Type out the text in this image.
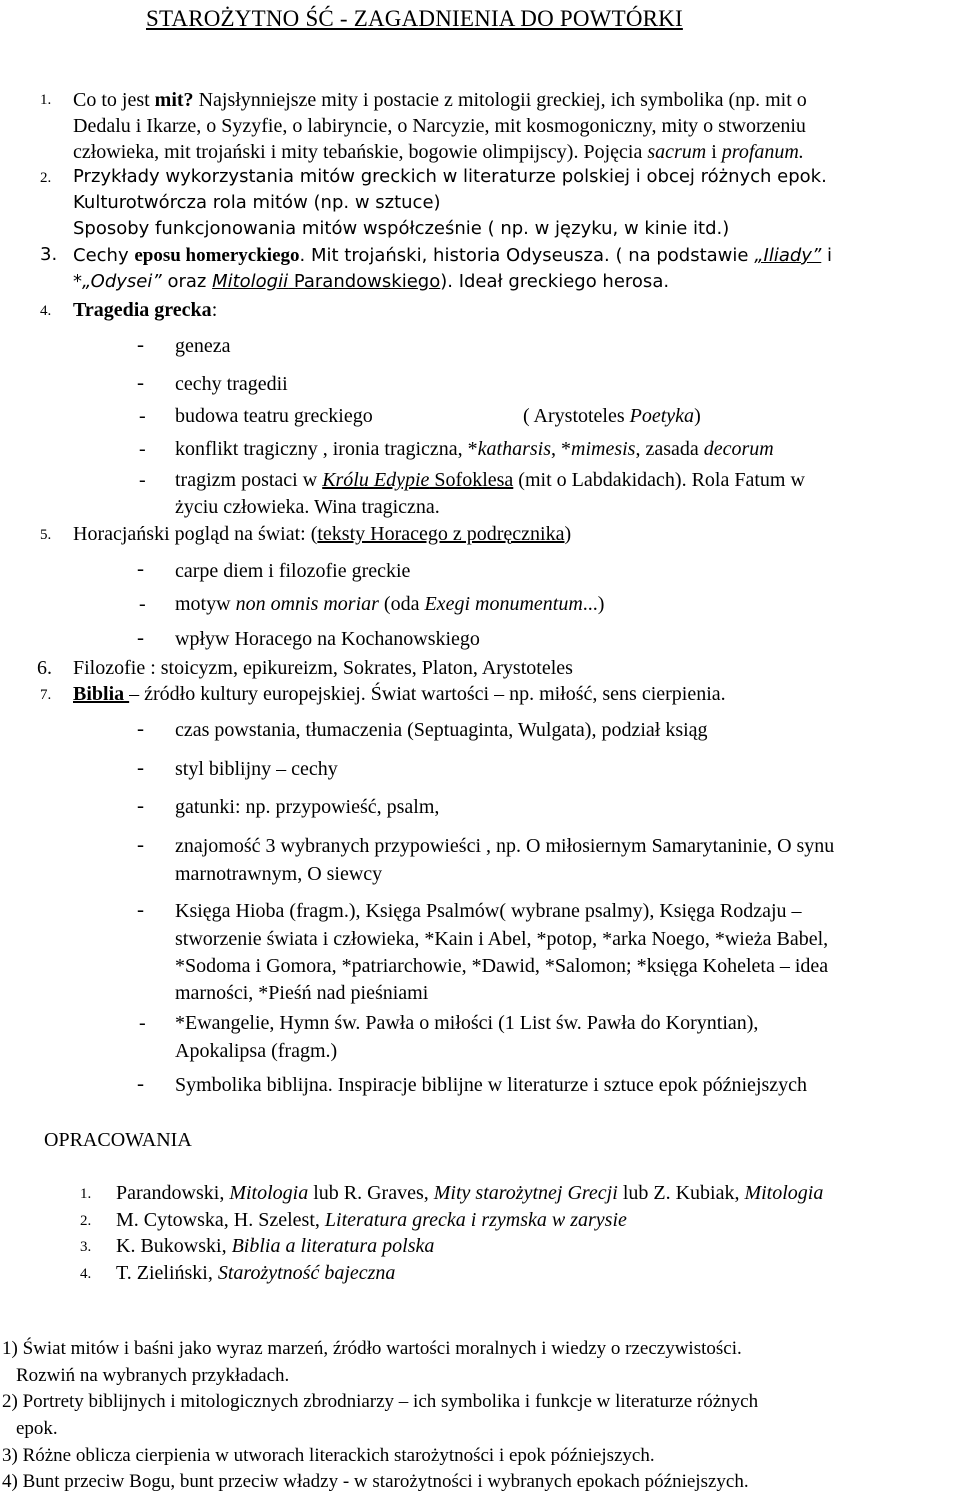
STAROŻYTNO ŚĆ - ZAGADNIENIA DO POWTÓRKI
1. Co to jest mit? Najsłynniejsze mity i postacie z mitologii greckiej, ich symbolika (np. mit o
Dedalu i Ikarze, o Syzyfie, o labiryncie, o Narcyzie, mit kosmogoniczny, mity o stworzeniu
człowieka, mit trojański i mity tebańskie, bogowie olimpijscy). Pojęcia sacrum i profanum.
2. Przykłady wykorzystania mitów greckich w literaturze polskiej i obcej różnych epok.
Kulturotwórcza rola mitów (np. w sztuce)
Sposoby funkcjonowania mitów współcześnie ( np. w języku, w kinie itd.)
3. Cechy eposu homeryckiego. Mit trojański, historia Odyseusza. ( na podstawie „Iliady” i
*„Odysei” oraz Mitologii Parandowskiego). Ideał greckiego herosa.
4. Tragedia grecka:
- geneza
- cechy tragedii
- budowa teatru greckiego	( Arystoteles Poetyka)
- konflikt tragiczny , ironia tragiczna, *katharsis, *mimesis, zasada decorum
- tragizm postaci w Królu Edypie Sofoklesa (mit o Labdakidach). Rola Fatum w
życiu człowieka. Wina tragiczna.
5. Horacjański pogląd na świat: (teksty Horacego z podręcznika)
- carpe diem i filozofie greckie
- motyw non omnis moriar (oda Exegi monumentum...)
- wpływ Horacego na Kochanowskiego
6. Filozofie : stoicyzm, epikureizm, Sokrates, Platon, Arystoteles
7. Biblia – źródło kultury europejskiej. Świat wartości – np. miłość, sens cierpienia.
- czas powstania, tłumaczenia (Septuaginta, Wulgata), podział ksiąg
- styl biblijny – cechy
- gatunki: np. przypowieść, psalm,
- znajomość 3 wybranych przypowieści , np. O miłosiernym Samarytaninie, O synu
marnotrawnym, O siewcy
- Księga Hioba (fragm.), Księga Psalmów( wybrane psalmy), Księga Rodzaju –
stworzenie świata i człowieka, *Kain i Abel, *potop, *arka Noego, *wieża Babel,
*Sodoma i Gomora, *patriarchowie, *Dawid, *Salomon; *księga Koheleta – idea
marności, *Pieśń nad pieśniami
- *Ewangelie, Hymn św. Pawła o miłości (1 List św. Pawła do Koryntian),
Apokalipsa (fragm.)
- Symbolika biblijna. Inspiracje biblijne w literaturze i sztuce epok późniejszych
OPRACOWANIA
1. Parandowski, Mitologia lub R. Graves, Mity starożytnej Grecji lub Z. Kubiak, Mitologia
2. M. Cytowska, H. Szelest, Literatura grecka i rzymska w zarysie
3. K. Bukowski, Biblia a literatura polska
4. T. Zieliński, Starożytność bajeczna
1) Świat mitów i baśni jako wyraz marzeń, źródło wartości moralnych i wiedzy o rzeczywistości.
Rozwiń na wybranych przykładach.
2) Portrety biblijnych i mitologicznych zbrodniarzy – ich symbolika i funkcje w literaturze różnych
epok.
3) Różne oblicza cierpienia w utworach literackich starożytności i epok późniejszych.
4) Bunt przeciw Bogu, bunt przeciw władzy - w starożytności i wybranych epokach późniejszych.
